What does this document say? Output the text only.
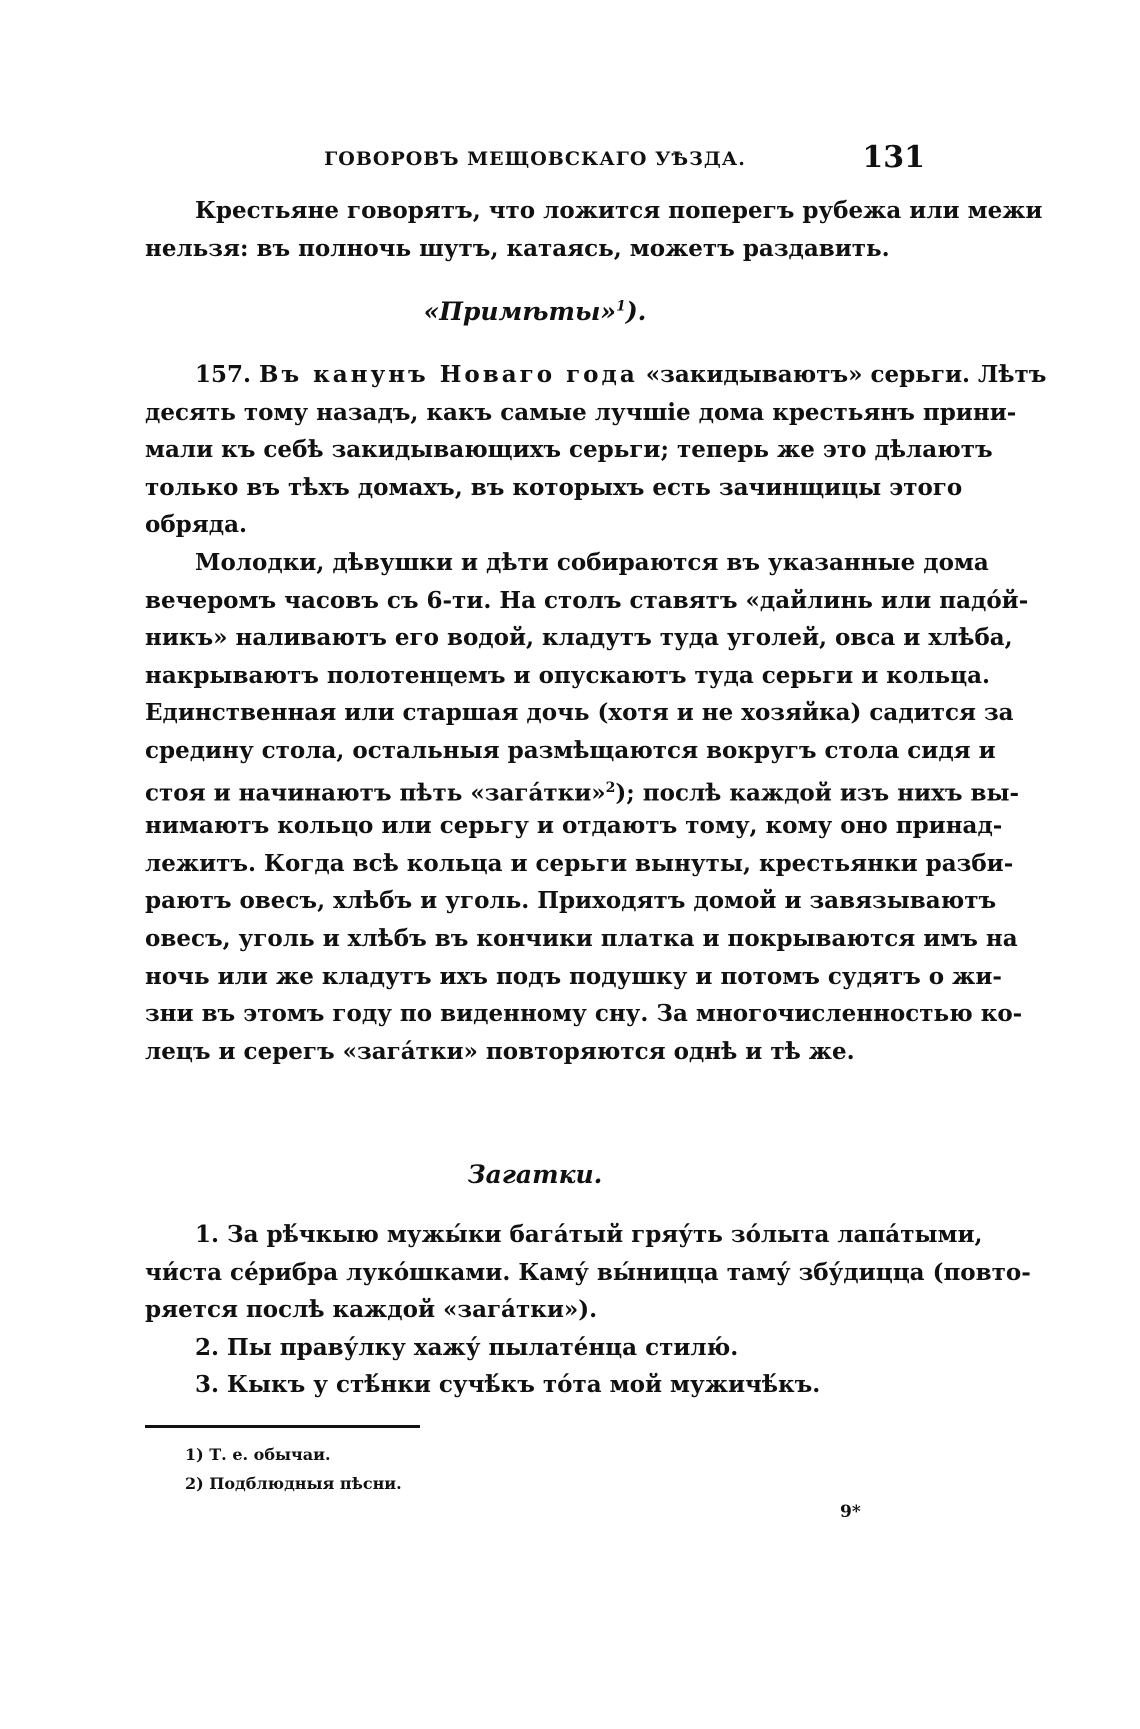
ГОВОРОВЪ МЕЩОВСКАГО УѢЗДА.	131
Крестьяне говорятъ, что ложится поперегъ рубежа или межи
нельзя: въ полночь шутъ, катаясь, можетъ раздавить.
«Примѣты»$^1$).
157. Въ канунъ Новаго года «закидываютъ» серьги. Лѣтъ
десять тому назадъ, какъ самые лучшіе дома крестьянъ прини-
мали къ себѣ закидывающихъ серьги; теперь же это дѣлаютъ
только въ тѣхъ домахъ, въ которыхъ есть зачинщицы этого
обряда.
Молодки, дѣвушки и дѣти собираются въ указанные дома
вечеромъ часовъ съ 6-ти. На столъ ставятъ «дайлинь или падо́й-
никъ» наливаютъ его водой, кладутъ туда уголей, овса и хлѣба,
накрываютъ полотенцемъ и опускаютъ туда серьги и кольца.
Единственная или старшая дочь (хотя и не хозяйка) садится за
средину стола, остальныя размѣщаются вокругъ стола сидя и
стоя и начинаютъ пѣть «зага́тки»$^2$); послѣ каждой изъ нихъ вы-
нимаютъ кольцо или серьгу и отдаютъ тому, кому оно принад-
лежитъ. Когда всѣ кольца и серьги вынуты, крестьянки разби-
раютъ овесъ, хлѣбъ и уголь. Приходятъ домой и завязываютъ
овесъ, уголь и хлѣбъ въ кончики платка и покрываются имъ на
ночь или же кладутъ ихъ подъ подушку и потомъ судятъ о жи-
зни въ этомъ году по виденному сну. За многочисленностью ко-
лецъ и серегъ «зага́тки» повторяются однѣ и тѣ же.
Загатки.
1. За рѣ́чкыю мужы́ки бага́тый гряу́ть зо́лыта лапа́тыми,
чи́ста се́рибра луко́шками. Каму́ вы́ницца таму́ збу́дицца (повто-
ряется послѣ каждой «зага́тки»).
2. Пы праву́лку хажу́ пылате́нца стилю́.
3. Кыкъ у стѣ́нки сучѣ́къ то́та мой мужичѣ́къ.
1) Т. е. обычаи.
2) Подблюдныя пѣсни.
9*
